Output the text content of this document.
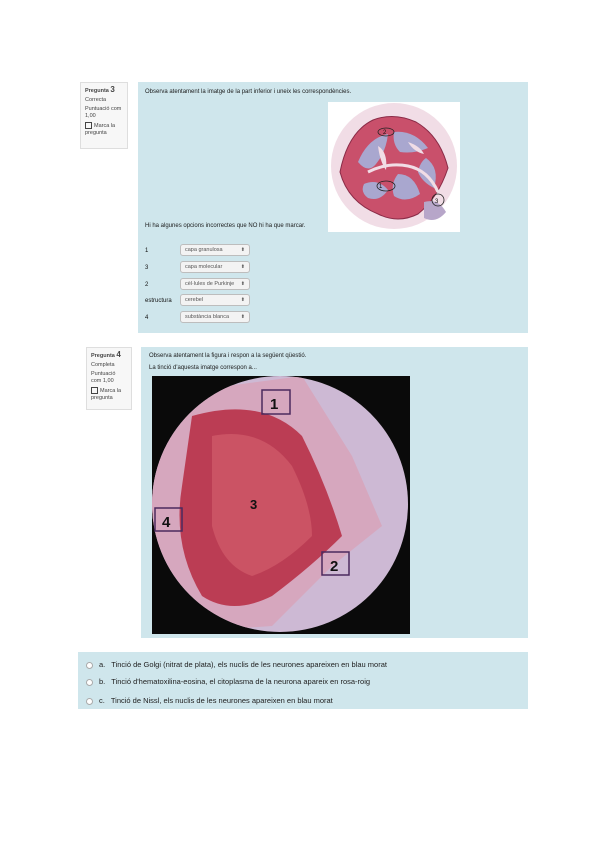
Pregunta 3
Correcta
Puntuació com 1,00
Marca la pregunta
Observa atentament la imatge de la part inferior i uneix les correspondències.
2
1
3
Hi ha algunes opcions incorrectes que NO hi ha que marcar.
1	capa granulosa	⬍
3	capa molecular	⬍
2	cèl·lules de Purkinje ⬍
estructura	cerebel	⬍
4	substància blanca ⬍
Pregunta 4
Completa
Puntuació com 1,00
Marca la pregunta
Observa atentament la figura i respon a la següent qüestió.
La tinció d'aquesta imatge correspon a...
1
3
4
2
a. Tinció de Golgi (nitrat de plata), els nuclis de les neurones apareixen en blau morat
b. Tinció d'hematoxilina-eosina, el citoplasma de la neurona apareix en rosa-roig
c. Tinció de Nissl, els nuclis de les neurones apareixen en blau morat
